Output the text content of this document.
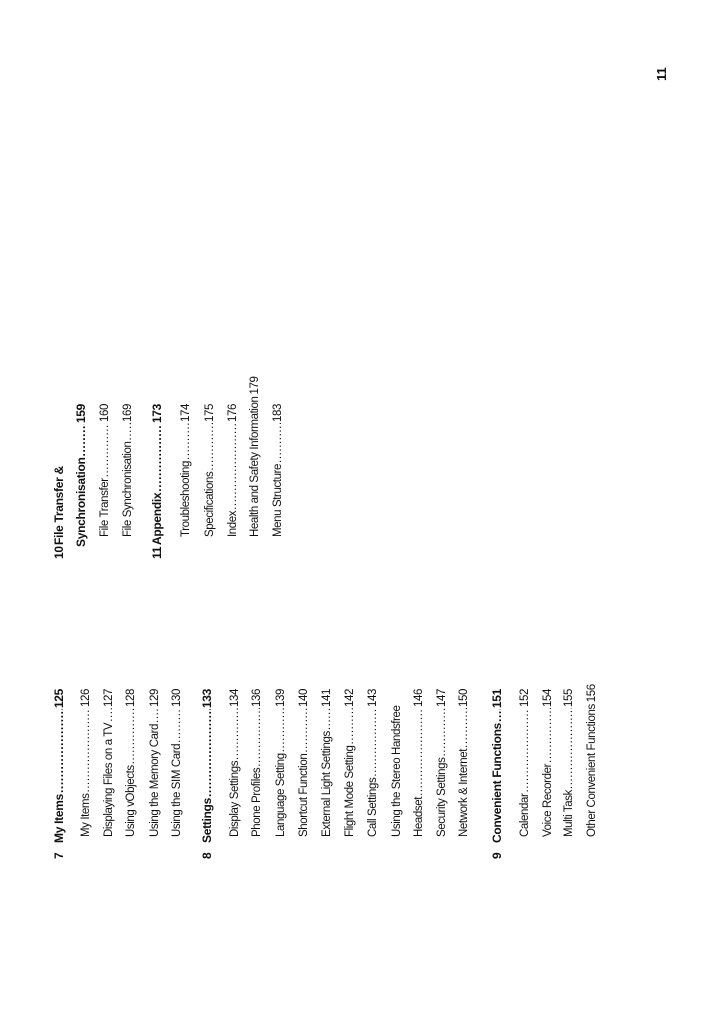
7My Items
.....
125
My Items
.....
126
Displaying Files on a TV
.....
127
Using vObjects
.....
128
Using the Memory Card
.....
129
Using the SIM Card
.....
130
8Settings
.....
133
Display Settings
.....
134
Phone Profiles
.....
136
Language Setting
.....
139
Shortcut Function
.....
140
External Light Settings
.....
141
Flight Mode Setting
.....
142
Call Settings
.....
143
Using the Stereo Handsfree Headset
.....
146
Security Settings
.....
147
Network & Internet
.....
150
9Convenient Functions
.....
151
Calendar
.....
152
Voice Recorder
.....
154
Multi Task
.....
155
Other Convenient Functions
156
10File Transfer & Synchronisation
.....
159
File Transfer
.....
160
File Synchronisation
.....
169
11Appendix
.....
173
Troubleshooting
.....
174
Specifications
.....
175
Index
.....
176 Health and Safety Information
179
Menu Structure
.....
183
11
